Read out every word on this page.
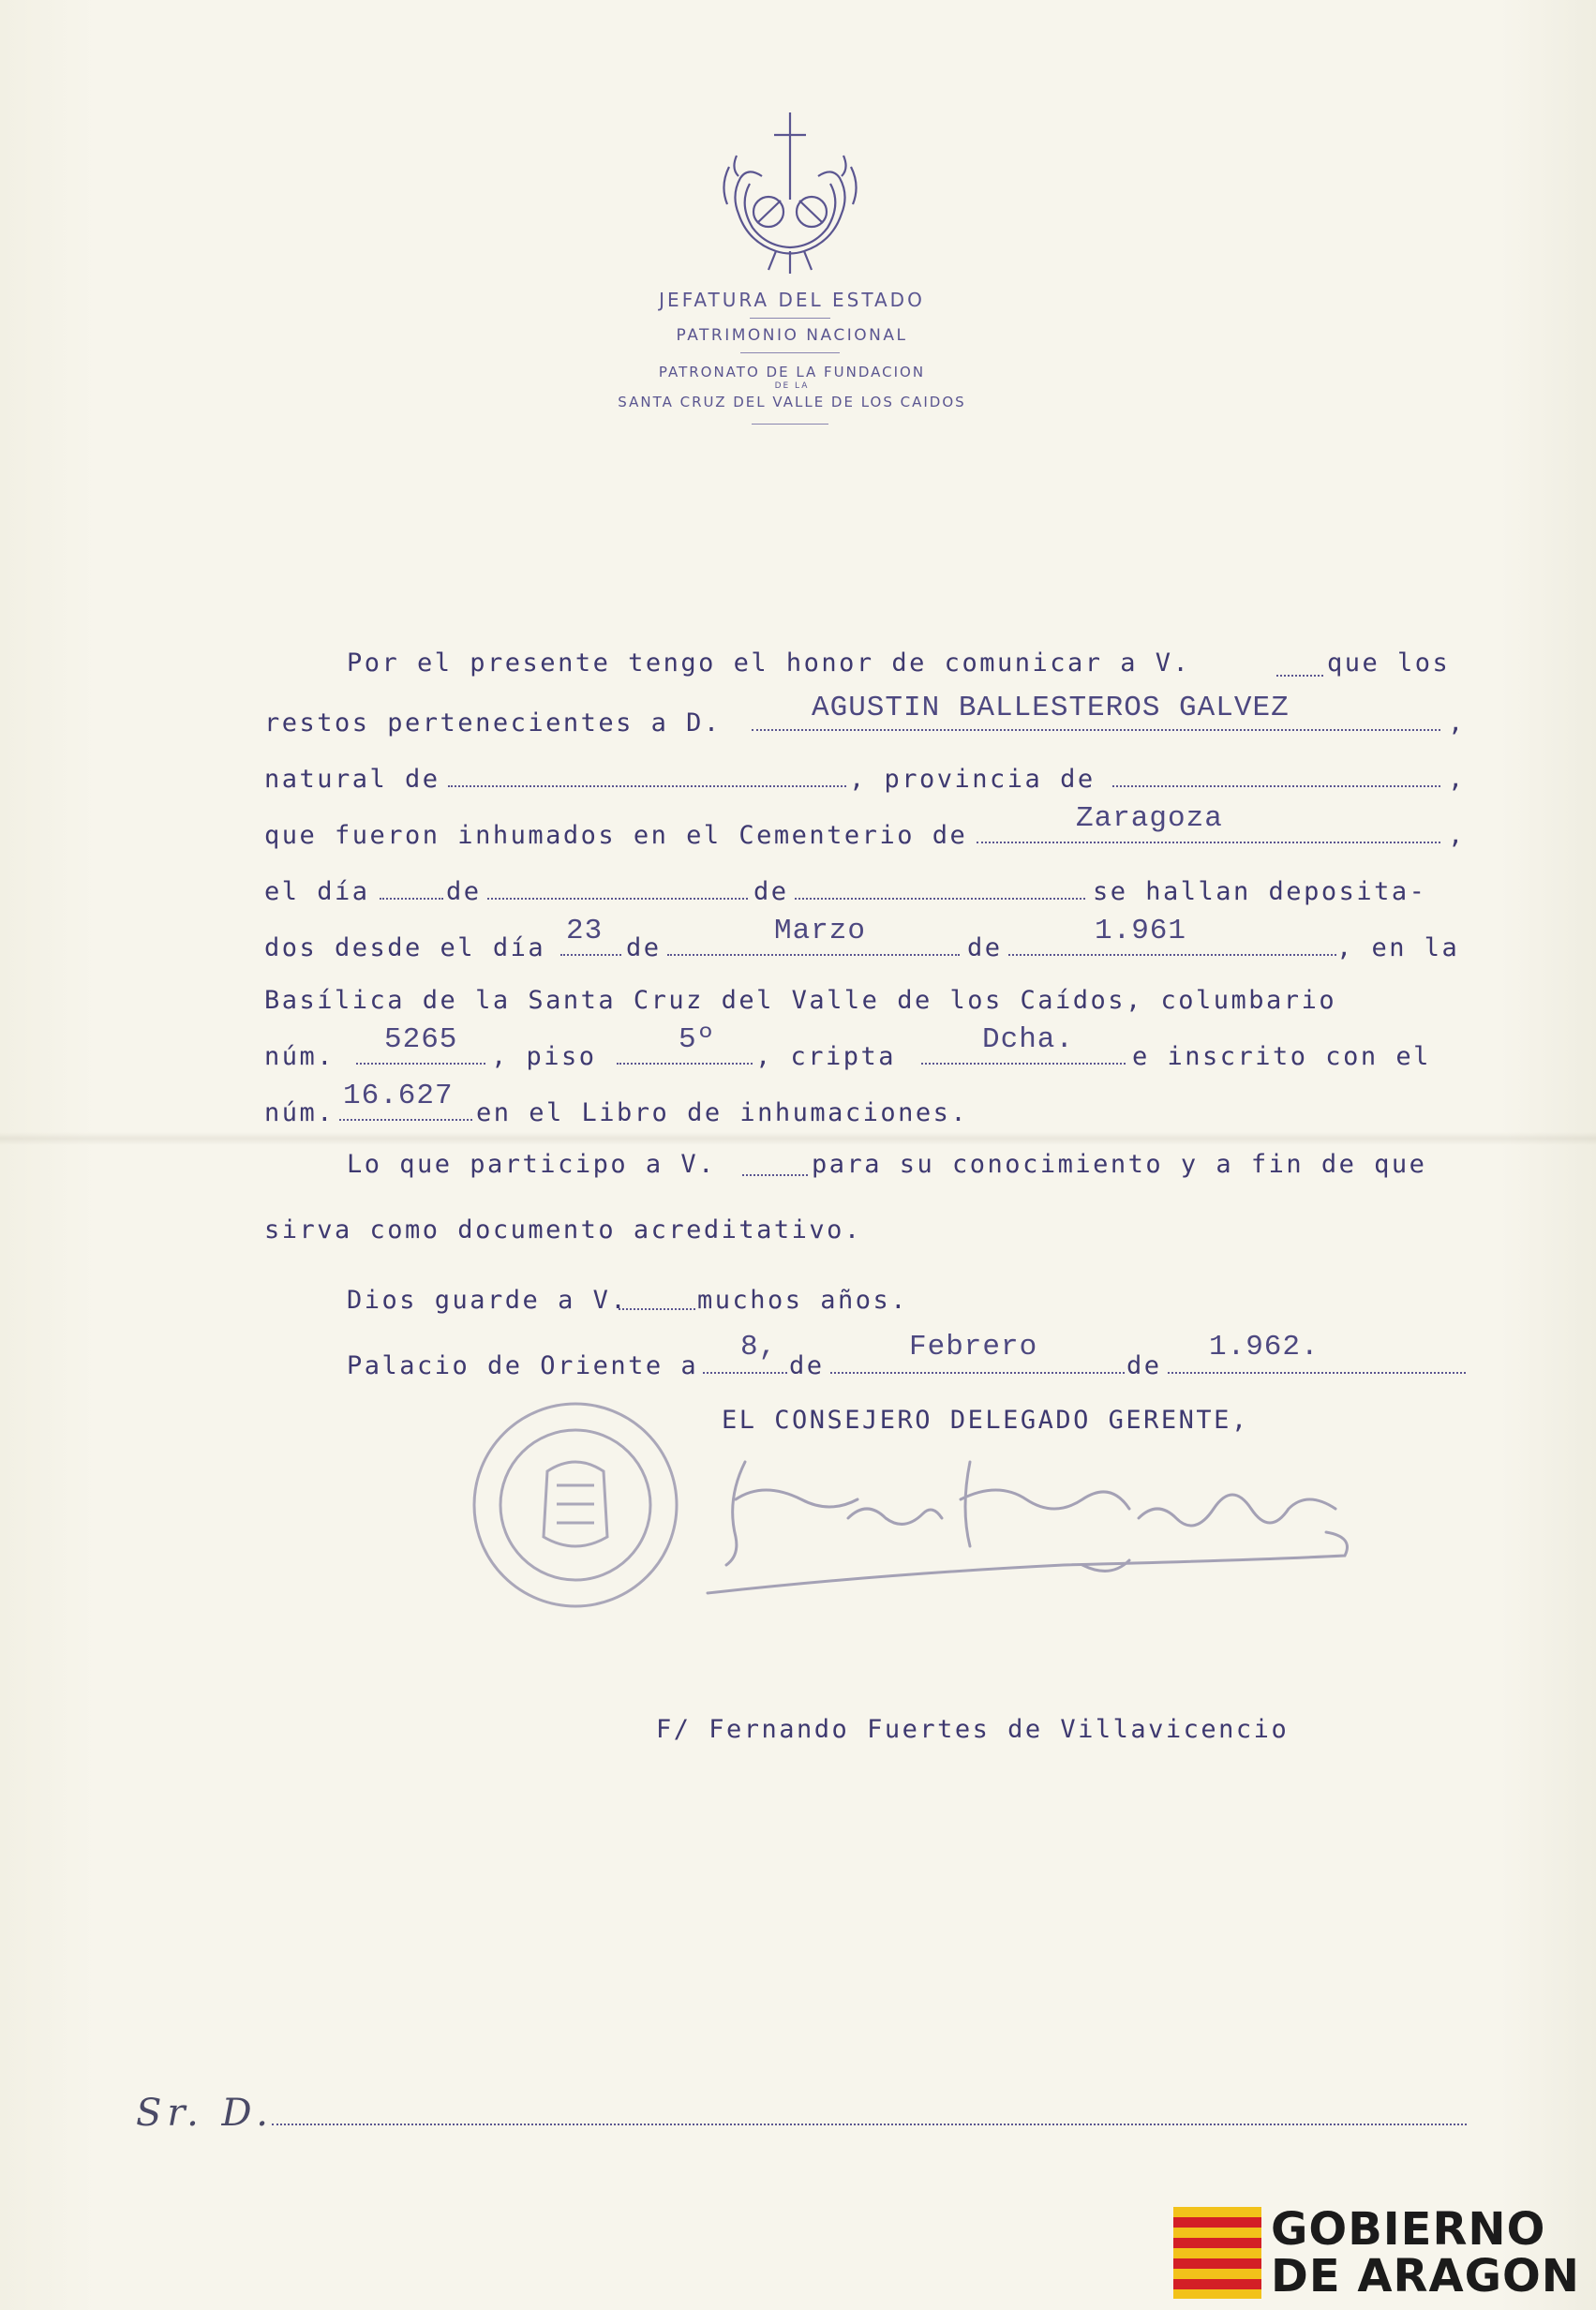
JEFATURA DEL ESTADO
PATRIMONIO NACIONAL
PATRONATO DE LA FUNDACION
DE LA
SANTA CRUZ DEL VALLE DE LOS CAIDOS
Por el presente tengo el honor de comunicar a V.	que los
restos pertenecientes a D.	AGUSTIN BALLESTEROS GALVEZ	,
natural de	, provincia de	,
que fueron inhumados en el Cementerio de
Zaragoza
,
el día	de	de	se hallan deposita-
dos desde el día
23
de
Marzo
de
1.961
, en la
Basílica de la Santa Cruz del Valle de los Caídos, columbario
núm.
5265
, piso
5º
, cripta
Dcha.
e inscrito con el
núm.
16.627
en el Libro de inhumaciones.
Lo que participo a V.	para su conocimiento y a fin de que
sirva como documento acreditativo.
Dios guarde a V.	muchos años.
Palacio de Oriente a
8,
de
Febrero
de
1.962.
EL CONSEJERO DELEGADO GERENTE,
F/ Fernando Fuertes de Villavicencio
Sr. D.
GOBIERNO
DE ARAGON
